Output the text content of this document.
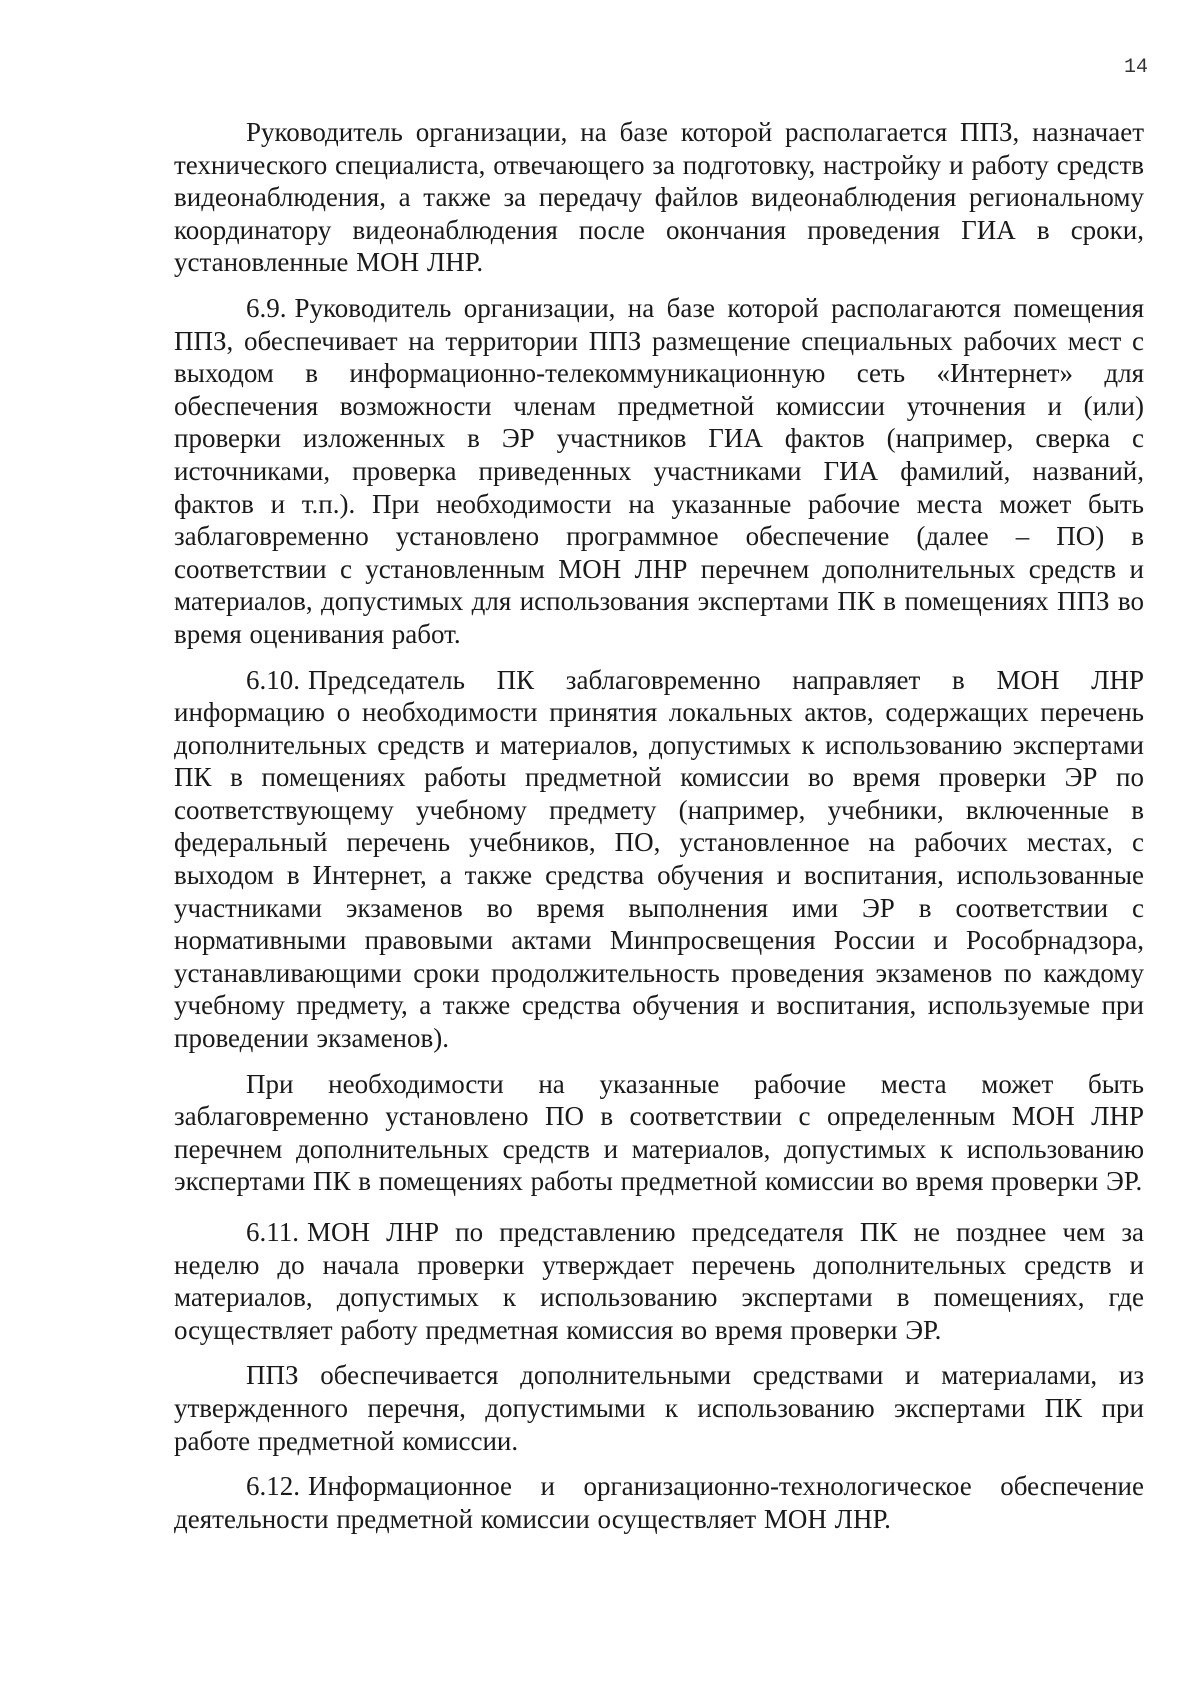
14

Руководитель организации, на базе которой располагается ППЗ, назначает технического специалиста, отвечающего за подготовку, настройку и работу средств видеонаблюдения, а также за передачу файлов видеонаблюдения региональному координатору видеонаблюдения после окончания проведения ГИА в сроки, установленные МОН ЛНР.

6.9. Руководитель организации, на базе которой располагаются помещения ППЗ, обеспечивает на территории ППЗ размещение специальных рабочих мест с выходом в информационно-телекоммуникационную сеть «Интернет» для обеспечения возможности членам предметной комиссии уточнения и (или) проверки изложенных в ЭР участников ГИА фактов (например, сверка с источниками, проверка приведенных участниками ГИА фамилий, названий, фактов и т.п.). При необходимости на указанные рабочие места может быть заблаговременно установлено программное обеспечение (далее – ПО) в соответствии с установленным МОН ЛНР перечнем дополнительных средств и материалов, допустимых для использования экспертами ПК в помещениях ППЗ во время оценивания работ.

6.10. Председатель ПК заблаговременно направляет в МОН ЛНР информацию о необходимости принятия локальных актов, содержащих перечень дополнительных средств и материалов, допустимых к использованию экспертами ПК в помещениях работы предметной комиссии во время проверки ЭР по соответствующему учебному предмету (например, учебники, включенные в федеральный перечень учебников, ПО, установленное на рабочих местах, с выходом в Интернет, а также средства обучения и воспитания, использованные участниками экзаменов во время выполнения ими ЭР в соответствии с нормативными правовыми актами Минпросвещения России и Рособрнадзора, устанавливающими сроки продолжительность проведения экзаменов по каждому учебному предмету, а также средства обучения и воспитания, используемые при проведении экзаменов).

При необходимости на указанные рабочие места может быть заблаговременно установлено ПО в соответствии с определенным МОН ЛНР перечнем дополнительных средств и материалов, допустимых к использованию экспертами ПК в помещениях работы предметной комиссии во время проверки ЭР.

6.11. МОН ЛНР по представлению председателя ПК не позднее чем за неделю до начала проверки утверждает перечень дополнительных средств и материалов, допустимых к использованию экспертами в помещениях, где осуществляет работу предметная комиссия во время проверки ЭР.

ППЗ обеспечивается дополнительными средствами и материалами, из утвержденного перечня, допустимыми к использованию экспертами ПК при работе предметной комиссии.

6.12. Информационное и организационно-технологическое обеспечение деятельности предметной комиссии осуществляет МОН ЛНР.
